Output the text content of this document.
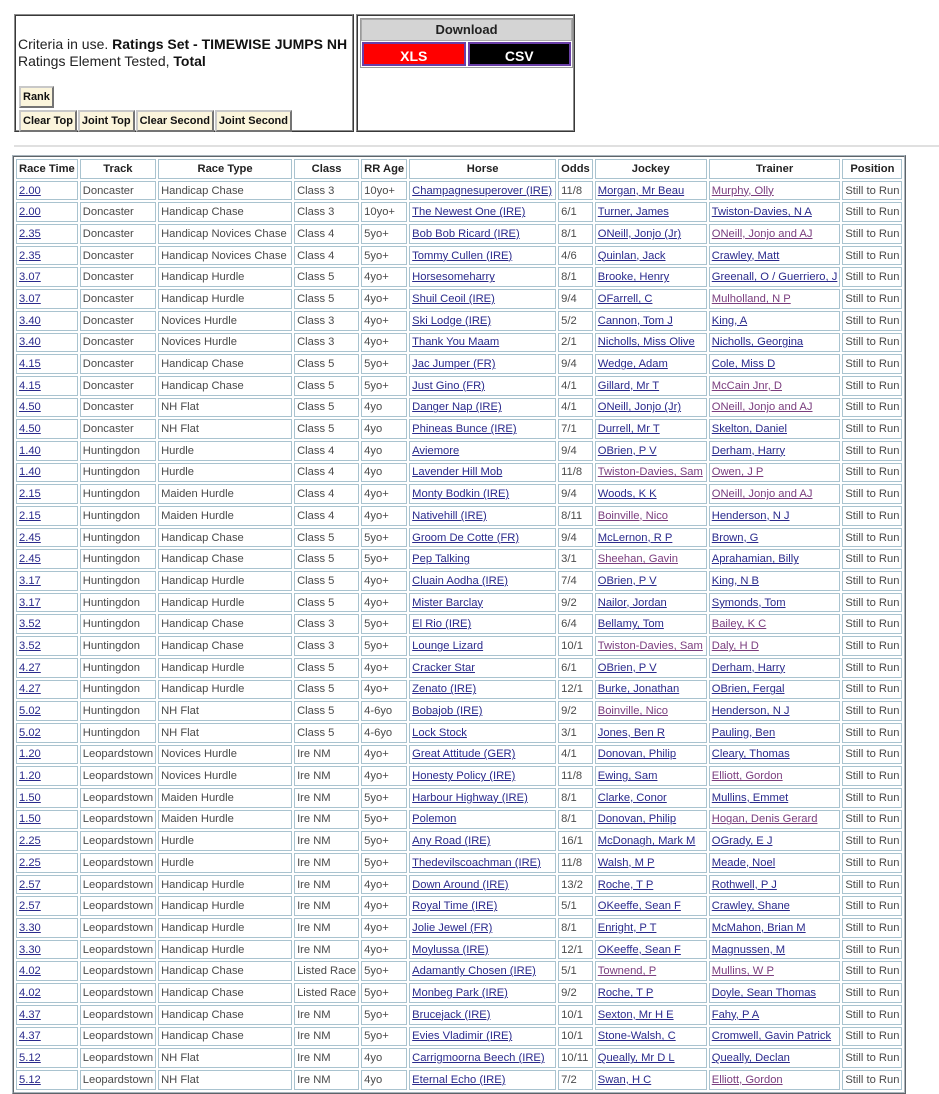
Criteria in use. Ratings Set - TIMEWISE JUMPS NH
Ratings Element Tested, Total
Rank
Clear Top Joint Top Clear Second Joint Second
Download
XLS	CSV
Race Time	Track	Race Type	Class	RR Age	Horse	Odds	Jockey	Trainer	Position
2.00	Doncaster	Handicap Chase	Class 3	10yo+	Champagnesuperover (IRE)	11/8	Morgan, Mr Beau	Murphy, Olly	Still to Run
2.00	Doncaster	Handicap Chase	Class 3	10yo+	The Newest One (IRE)	6/1	Turner, James	Twiston-Davies, N A	Still to Run
2.35	Doncaster	Handicap Novices Chase	Class 4	5yo+	Bob Bob Ricard (IRE)	8/1	ONeill, Jonjo (Jr)	ONeill, Jonjo and AJ	Still to Run
2.35	Doncaster	Handicap Novices Chase	Class 4	5yo+	Tommy Cullen (IRE)	4/6	Quinlan, Jack	Crawley, Matt	Still to Run
3.07	Doncaster	Handicap Hurdle	Class 5	4yo+	Horsesomeharry	8/1	Brooke, Henry	Greenall, O / Guerriero, J	Still to Run
3.07	Doncaster	Handicap Hurdle	Class 5	4yo+	Shuil Ceoil (IRE)	9/4	OFarrell, C	Mulholland, N P	Still to Run
3.40	Doncaster	Novices Hurdle	Class 3	4yo+	Ski Lodge (IRE)	5/2	Cannon, Tom J	King, A	Still to Run
3.40	Doncaster	Novices Hurdle	Class 3	4yo+	Thank You Maam	2/1	Nicholls, Miss Olive	Nicholls, Georgina	Still to Run
4.15	Doncaster	Handicap Chase	Class 5	5yo+	Jac Jumper (FR)	9/4	Wedge, Adam	Cole, Miss D	Still to Run
4.15	Doncaster	Handicap Chase	Class 5	5yo+	Just Gino (FR)	4/1	Gillard, Mr T	McCain Jnr, D	Still to Run
4.50	Doncaster	NH Flat	Class 5	4yo	Danger Nap (IRE)	4/1	ONeill, Jonjo (Jr)	ONeill, Jonjo and AJ	Still to Run
4.50	Doncaster	NH Flat	Class 5	4yo	Phineas Bunce (IRE)	7/1	Durrell, Mr T	Skelton, Daniel	Still to Run
1.40	Huntingdon	Hurdle	Class 4	4yo	Aviemore	9/4	OBrien, P V	Derham, Harry	Still to Run
1.40	Huntingdon	Hurdle	Class 4	4yo	Lavender Hill Mob	11/8	Twiston-Davies, Sam	Owen, J P	Still to Run
2.15	Huntingdon	Maiden Hurdle	Class 4	4yo+	Monty Bodkin (IRE)	9/4	Woods, K K	ONeill, Jonjo and AJ	Still to Run
2.15	Huntingdon	Maiden Hurdle	Class 4	4yo+	Nativehill (IRE)	8/11	Boinville, Nico	Henderson, N J	Still to Run
2.45	Huntingdon	Handicap Chase	Class 5	5yo+	Groom De Cotte (FR)	9/4	McLernon, R P	Brown, G	Still to Run
2.45	Huntingdon	Handicap Chase	Class 5	5yo+	Pep Talking	3/1	Sheehan, Gavin	Aprahamian, Billy	Still to Run
3.17	Huntingdon	Handicap Hurdle	Class 5	4yo+	Cluain Aodha (IRE)	7/4	OBrien, P V	King, N B	Still to Run
3.17	Huntingdon	Handicap Hurdle	Class 5	4yo+	Mister Barclay	9/2	Nailor, Jordan	Symonds, Tom	Still to Run
3.52	Huntingdon	Handicap Chase	Class 3	5yo+	El Rio (IRE)	6/4	Bellamy, Tom	Bailey, K C	Still to Run
3.52	Huntingdon	Handicap Chase	Class 3	5yo+	Lounge Lizard	10/1	Twiston-Davies, Sam	Daly, H D	Still to Run
4.27	Huntingdon	Handicap Hurdle	Class 5	4yo+	Cracker Star	6/1	OBrien, P V	Derham, Harry	Still to Run
4.27	Huntingdon	Handicap Hurdle	Class 5	4yo+	Zenato (IRE)	12/1	Burke, Jonathan	OBrien, Fergal	Still to Run
5.02	Huntingdon	NH Flat	Class 5	4-6yo	Bobajob (IRE)	9/2	Boinville, Nico	Henderson, N J	Still to Run
5.02	Huntingdon	NH Flat	Class 5	4-6yo	Lock Stock	3/1	Jones, Ben R	Pauling, Ben	Still to Run
1.20	Leopardstown	Novices Hurdle	Ire NM	4yo+	Great Attitude (GER)	4/1	Donovan, Philip	Cleary, Thomas	Still to Run
1.20	Leopardstown	Novices Hurdle	Ire NM	4yo+	Honesty Policy (IRE)	11/8	Ewing, Sam	Elliott, Gordon	Still to Run
1.50	Leopardstown	Maiden Hurdle	Ire NM	5yo+	Harbour Highway (IRE)	8/1	Clarke, Conor	Mullins, Emmet	Still to Run
1.50	Leopardstown	Maiden Hurdle	Ire NM	5yo+	Polemon	8/1	Donovan, Philip	Hogan, Denis Gerard	Still to Run
2.25	Leopardstown	Hurdle	Ire NM	5yo+	Any Road (IRE)	16/1	McDonagh, Mark M	OGrady, E J	Still to Run
2.25	Leopardstown	Hurdle	Ire NM	5yo+	Thedevilscoachman (IRE)	11/8	Walsh, M P	Meade, Noel	Still to Run
2.57	Leopardstown	Handicap Hurdle	Ire NM	4yo+	Down Around (IRE)	13/2	Roche, T P	Rothwell, P J	Still to Run
2.57	Leopardstown	Handicap Hurdle	Ire NM	4yo+	Royal Time (IRE)	5/1	OKeeffe, Sean F	Crawley, Shane	Still to Run
3.30	Leopardstown	Handicap Hurdle	Ire NM	4yo+	Jolie Jewel (FR)	8/1	Enright, P T	McMahon, Brian M	Still to Run
3.30	Leopardstown	Handicap Hurdle	Ire NM	4yo+	Moylussa (IRE)	12/1	OKeeffe, Sean F	Magnussen, M	Still to Run
4.02	Leopardstown	Handicap Chase	Listed Race	5yo+	Adamantly Chosen (IRE)	5/1	Townend, P	Mullins, W P	Still to Run
4.02	Leopardstown	Handicap Chase	Listed Race	5yo+	Monbeg Park (IRE)	9/2	Roche, T P	Doyle, Sean Thomas	Still to Run
4.37	Leopardstown	Handicap Chase	Ire NM	5yo+	Brucejack (IRE)	10/1	Sexton, Mr H E	Fahy, P A	Still to Run
4.37	Leopardstown	Handicap Chase	Ire NM	5yo+	Evies Vladimir (IRE)	10/1	Stone-Walsh, C	Cromwell, Gavin Patrick	Still to Run
5.12	Leopardstown	NH Flat	Ire NM	4yo	Carrigmoorna Beech (IRE)	10/11	Queally, Mr D L	Queally, Declan	Still to Run
5.12	Leopardstown	NH Flat	Ire NM	4yo	Eternal Echo (IRE)	7/2	Swan, H C	Elliott, Gordon	Still to Run
